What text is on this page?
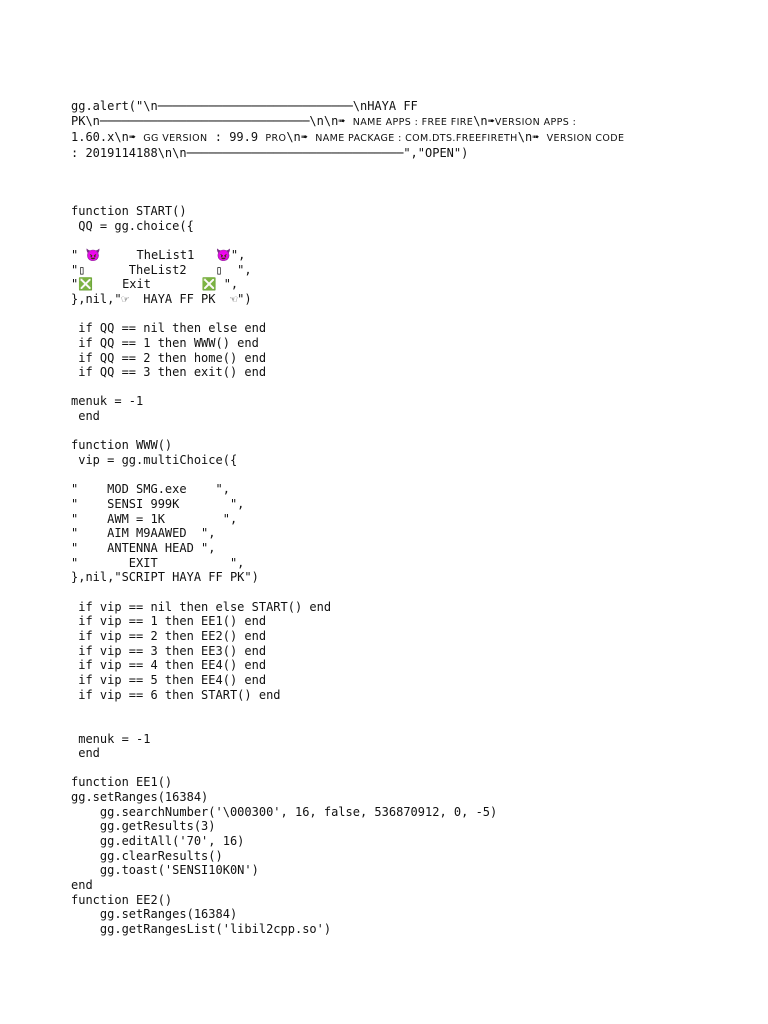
gg.alert("\n───────────────────────────\nHAYA FF
PK\n─────────────────────────────\n\n➠ NAME APPS : FREE FIRE\n➠VERSION APPS :
1.60.x\n➠ GG VERSION : 99.9 PRO\n➠ NAME PACKAGE : COM.DTS.FREEFIRETH\n➠ VERSION CODE
: 2019114188\n\n──────────────────────────────","OPEN")
function START()
QQ = gg.choice({
" 😈     TheList1   😈",
"▯      TheList2    ▯  ",
"❎    Exit       ❎ ",
},nil,"☞  HAYA FF PK  ☜")
if QQ == nil then else end
if QQ == 1 then WWW() end
if QQ == 2 then home() end
if QQ == 3 then exit() end
menuk = -1
end
function WWW()
vip = gg.multiChoice({
"    MOD SMG.exe    ",
"    SENSI 999K       ",
"    AWM = 1K        ",
"    AIM M9AAWED  ",
"    ANTENNA HEAD ",
"       EXIT          ",
},nil,"SCRIPT HAYA FF PK")
if vip == nil then else START() end
if vip == 1 then EE1() end
if vip == 2 then EE2() end
if vip == 3 then EE3() end
if vip == 4 then EE4() end
if vip == 5 then EE4() end
if vip == 6 then START() end
menuk = -1
end
function EE1()
gg.setRanges(16384)
gg.searchNumber('\000300', 16, false, 536870912, 0, -5)
gg.getResults(3)
gg.editAll('70', 16)
gg.clearResults()
gg.toast('SENSI10K0N')
end
function EE2()
gg.setRanges(16384)
gg.getRangesList('libil2cpp.so')
